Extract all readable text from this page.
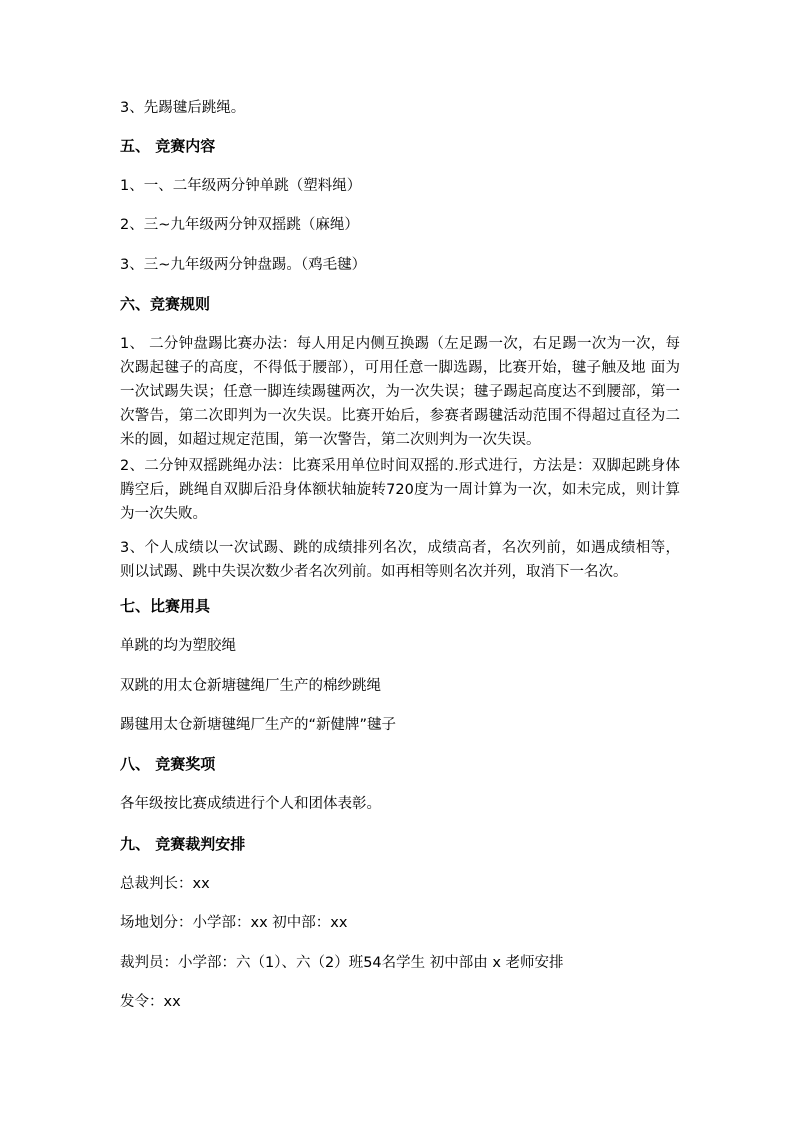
3、先踢毽后跳绳。
五、 竞赛内容
1、一、二年级两分钟单跳（塑料绳）
2、三~九年级两分钟双摇跳（麻绳）
3、三~九年级两分钟盘踢。（鸡毛毽）
六、竞赛规则
1、 二分钟盘踢比赛办法：每人用足内侧互换踢（左足踢一次，右足踢一次为一次，每次踢起毽子的高度，不得低于腰部），可用任意一脚选踢，比赛开始，毽子触及地 面为一次试踢失误；任意一脚连续踢毽两次，为一次失误；毽子踢起高度达不到腰部，第一次警告，第二次即判为一次失误。比赛开始后，参赛者踢毽活动范围不得超过直径为二米的圆，如超过规定范围，第一次警告，第二次则判为一次失误。
2、二分钟双摇跳绳办法：比赛采用单位时间双摇的.形式进行，方法是：双脚起跳身体腾空后，跳绳自双脚后沿身体额状轴旋转720度为一周计算为一次，如未完成，则计算为一次失败。
3、个人成绩以一次试踢、跳的成绩排列名次，成绩高者，名次列前，如遇成绩相等，则以试踢、跳中失误次数少者名次列前。如再相等则名次并列，取消下一名次。
七、比赛用具
单跳的均为塑胶绳
双跳的用太仓新塘毽绳厂生产的棉纱跳绳
踢毽用太仓新塘毽绳厂生产的“新健牌”毽子
八、 竞赛奖项
各年级按比赛成绩进行个人和团体表彰。
九、 竞赛裁判安排
总裁判长：xx
场地划分：小学部：xx 初中部：xx
裁判员：小学部：六（1）、六（2）班54名学生 初中部由 x 老师安排
发令：xx
